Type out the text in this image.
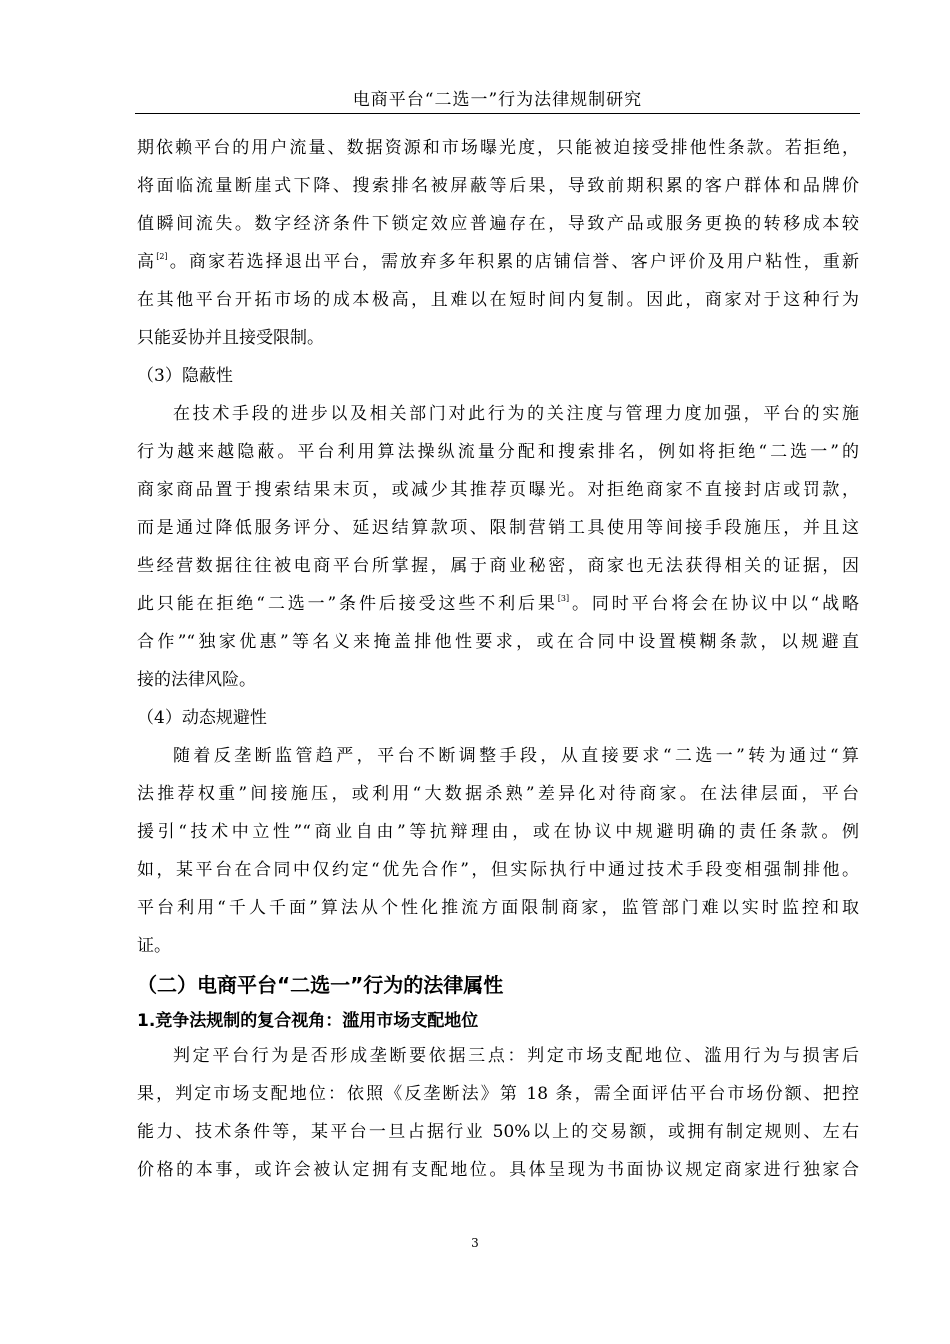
电商平台“二选一”行为法律规制研究
期依赖平台的用户流量、数据资源和市场曝光度，只能被迫接受排他性条款。若拒绝，
将面临流量断崖式下降、搜索排名被屏蔽等后果，导致前期积累的客户群体和品牌价
值瞬间流失。数字经济条件下锁定效应普遍存在，导致产品或服务更换的转移成本较
高[2]。商家若选择退出平台，需放弃多年积累的店铺信誉、客户评价及用户粘性，重新
在其他平台开拓市场的成本极高，且难以在短时间内复制。因此，商家对于这种行为
只能妥协并且接受限制。
（3）隐蔽性
在技术手段的进步以及相关部门对此行为的关注度与管理力度加强，平台的实施
行为越来越隐蔽。平台利用算法操纵流量分配和搜索排名，例如将拒绝“二选一”的
商家商品置于搜索结果末页，或减少其推荐页曝光。对拒绝商家不直接封店或罚款，
而是通过降低服务评分、延迟结算款项、限制营销工具使用等间接手段施压，并且这
些经营数据往往被电商平台所掌握，属于商业秘密，商家也无法获得相关的证据，因
此只能在拒绝“二选一”条件后接受这些不利后果[3]。同时平台将会在协议中以“战略
合作”“独家优惠”等名义来掩盖排他性要求，或在合同中设置模糊条款，以规避直
接的法律风险。
（4）动态规避性
随着反垄断监管趋严，平台不断调整手段，从直接要求“二选一”转为通过“算
法推荐权重”间接施压，或利用“大数据杀熟”差异化对待商家。在法律层面，平台
援引“技术中立性”“商业自由”等抗辩理由，或在协议中规避明确的责任条款。例
如，某平台在合同中仅约定“优先合作”，但实际执行中通过技术手段变相强制排他。
平台利用“千人千面”算法从个性化推流方面限制商家，监管部门难以实时监控和取
证。
（二）电商平台“二选一”行为的法律属性
1.竞争法规制的复合视角：滥用市场支配地位
判定平台行为是否形成垄断要依据三点：判定市场支配地位、滥用行为与损害后
果，判定市场支配地位：依照《反垄断法》第 18 条，需全面评估平台市场份额、把控
能力、技术条件等，某平台一旦占据行业 50%以上的交易额，或拥有制定规则、左右
价格的本事，或许会被认定拥有支配地位。具体呈现为书面协议规定商家进行独家合
3
